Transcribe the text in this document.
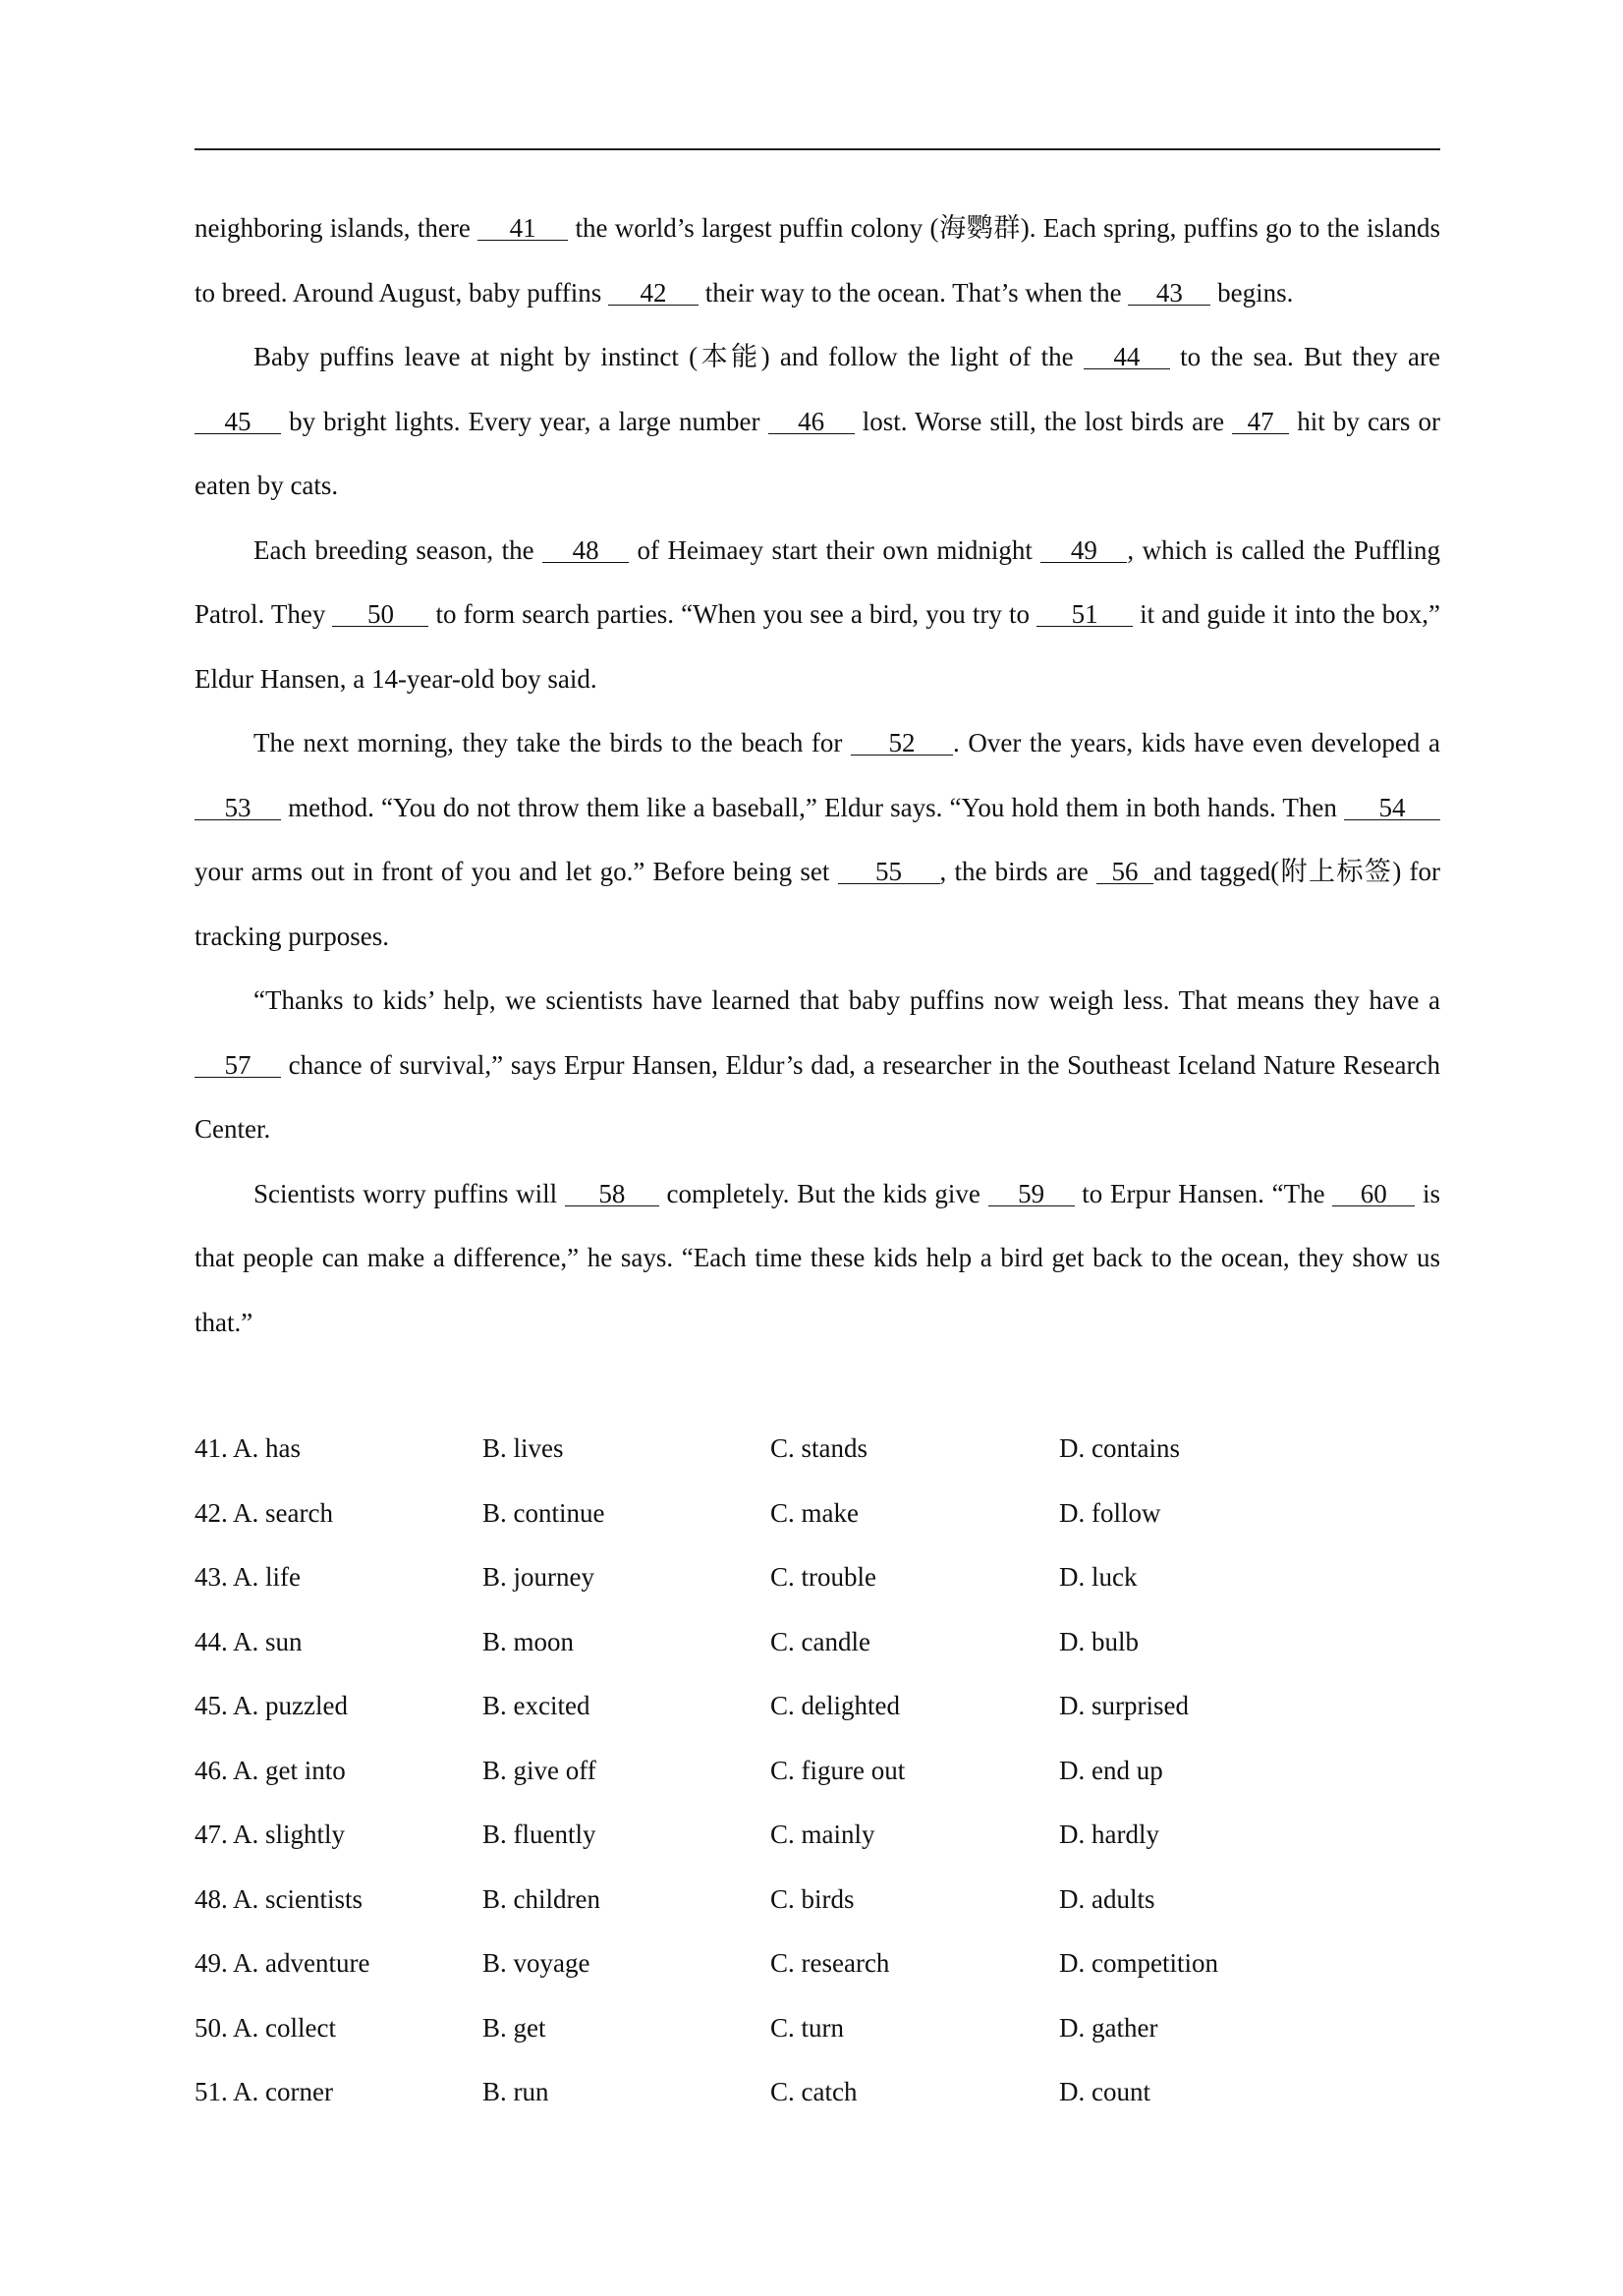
neighboring islands, there 41 the world’s largest puffin colony (海鹦群). Each spring, puffins go to the islands to breed. Around August, baby puffins 42 their way to the ocean. That’s when the 43 begins.

Baby puffins leave at night by instinct (本能) and follow the light of the 44 to the sea. But they are 45 by bright lights. Every year, a large number 46 lost. Worse still, the lost birds are 47 hit by cars or eaten by cats.

Each breeding season, the 48 of Heimaey start their own midnight 49 , which is called the Puffling Patrol. They 50 to form search parties. “When you see a bird, you try to 51 it and guide it into the box,” Eldur Hansen, a 14-year-old boy said.

The next morning, they take the birds to the beach for 52 . Over the years, kids have even developed a 53 method. “You do not throw them like a baseball,” Eldur says. “You hold them in both hands. Then 54 your arms out in front of you and let go.” Before being set 55 , the birds are 56 and tagged(附上标签) for tracking purposes.

“Thanks to kids’ help, we scientists have learned that baby puffins now weigh less. That means they have a 57 chance of survival,” says Erpur Hansen, Eldur’s dad, a researcher in the Southeast Iceland Nature Research Center.

Scientists worry puffins will 58 completely. But the kids give 59 to Erpur Hansen. “The 60 is that people can make a difference,” he says. “Each time these kids help a bird get back to the ocean, they show us that.”

41. A. has	B. lives	C. stands	D. contains
42. A. search	B. continue	C. make	D. follow
43. A. life	B. journey	C. trouble	D. luck
44. A. sun	B. moon	C. candle	D. bulb
45. A. puzzled	B. excited	C. delighted	D. surprised
46. A. get into	B. give off	C. figure out	D. end up
47. A. slightly	B. fluently	C. mainly	D. hardly
48. A. scientists	B. children	C. birds	D. adults
49. A. adventure	B. voyage	C. research	D. competition
50. A. collect	B. get	C. turn	D. gather
51. A. corner	B. run	C. catch	D. count
